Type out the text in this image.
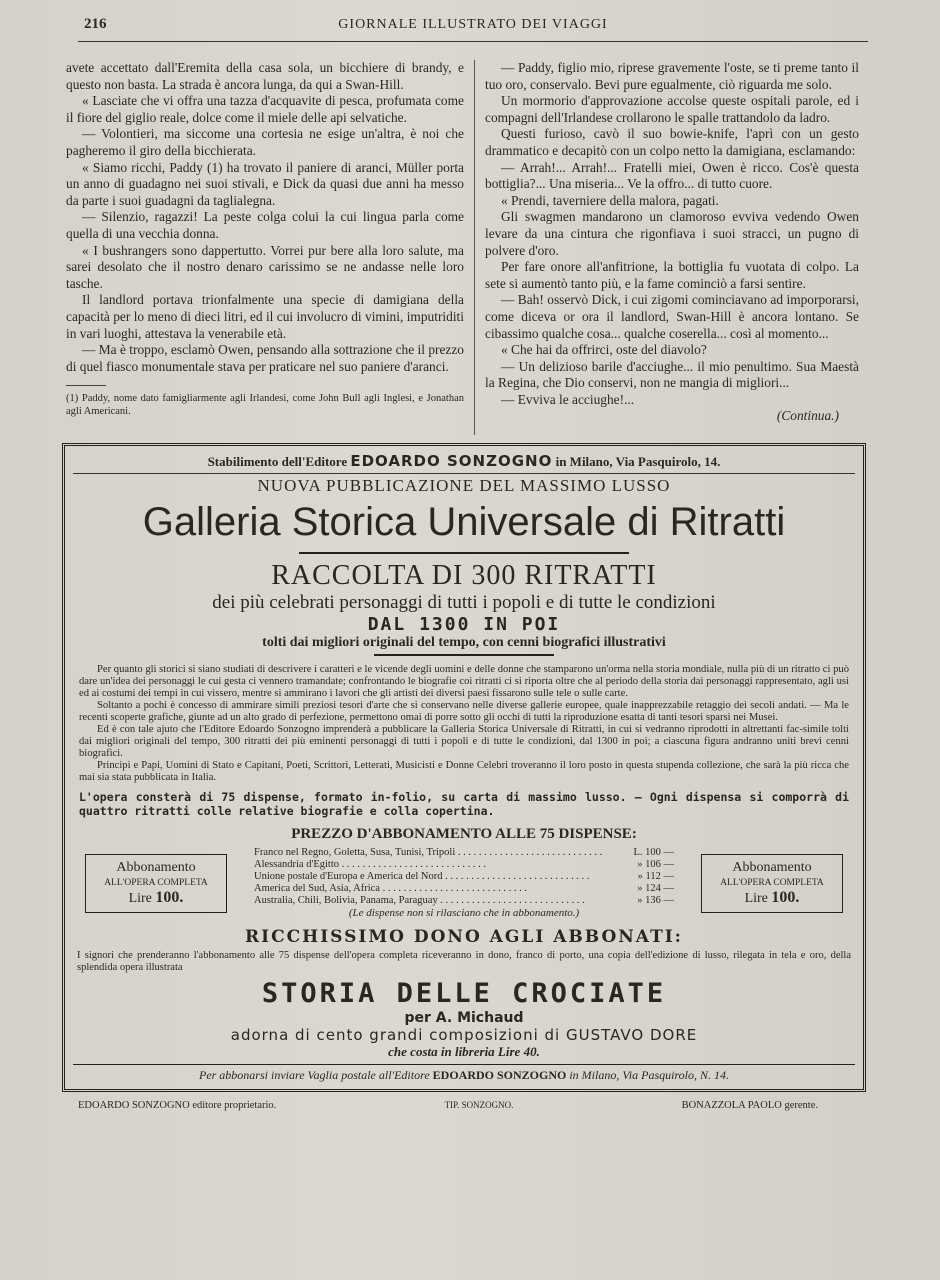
216	GIORNALE ILLUSTRATO DEI VIAGGI

avete accettato dall'Eremita della casa sola, un bicchiere di brandy, e questo non basta. La strada è ancora lunga, da qui a Swan-Hill.

« Lasciate che vi offra una tazza d'acquavite di pesca, profumata come il fiore del giglio reale, dolce come il miele delle api selvatiche.

— Volontieri, ma siccome una cortesia ne esige un'altra, è noi che pagheremo il giro della bicchierata.

« Siamo ricchi, Paddy (1) ha trovato il paniere di aranci, Müller porta un anno di guadagno nei suoi stivali, e Dick da quasi due anni ha messo da parte i suoi guadagni da taglialegna.

— Silenzio, ragazzi! La peste colga colui la cui lingua parla come quella di una vecchia donna.

« I bushrangers sono dappertutto. Vorrei pur bere alla loro salute, ma sarei desolato che il nostro denaro carissimo se ne andasse nelle loro tasche.

Il landlord portava trionfalmente una specie di damigiana della capacità per lo meno di dieci litri, ed il cui involucro di vimini, imputriditi in vari luoghi, attestava la venerabile età.

— Ma è troppo, esclamò Owen, pensando alla sottrazione che il prezzo di quel fiasco monumentale stava per praticare nel suo paniere d'aranci.

(1) Paddy, nome dato famigliarmente agli Irlandesi, come John Bull agli Inglesi, e Jonathan agli Americani.

— Paddy, figlio mio, riprese gravemente l'oste, se ti preme tanto il tuo oro, conservalo. Bevi pure egualmente, ciò riguarda me solo.

Un mormorio d'approvazione accolse queste ospitali parole, ed i compagni dell'Irlandese crollarono le spalle trattandolo da ladro.

Questi furioso, cavò il suo bowie-knife, l'aprì con un gesto drammatico e decapitò con un colpo netto la damigiana, esclamando:

— Arrah!... Arrah!... Fratelli miei, Owen è ricco. Cos'è questa bottiglia?... Una miseria... Ve la offro... di tutto cuore.

« Prendi, taverniere della malora, pagati.

Gli swagmen mandarono un clamoroso evviva vedendo Owen levare da una cintura che rigonfiava i suoi stracci, un pugno di polvere d'oro.

Per fare onore all'anfitrione, la bottiglia fu vuotata di colpo. La sete si aumentò tanto più, e la fame cominciò a farsi sentire.

— Bah! osservò Dick, i cui zigomi cominciavano ad imporporarsi, come diceva or ora il landlord, Swan-Hill è ancora lontano. Se cibassimo qualche cosa... qualche coserella... così al momento...

« Che hai da offrirci, oste del diavolo?

— Un delizioso barile d'acciughe... il mio penultimo. Sua Maestà la Regina, che Dio conservi, non ne mangia di migliori...

— Evviva le acciughe!...

(Continua.)
Stabilimento dell'Editore EDOARDO SONZOGNO in Milano, Via Pasquirolo, 14.
NUOVA PUBBLICAZIONE DEL MASSIMO LUSSO
Galleria Storica Universale di Ritratti
RACCOLTA DI 300 RITRATTI
dei più celebrati personaggi di tutti i popoli e di tutte le condizioni
DAL 1300 IN POI
tolti dai migliori originali del tempo, con cenni biografici illustrativi

Per quanto gli storici si siano studiati di descrivere i caratteri e le vicende degli uomini e delle donne che stamparono un'orma nella storia mondiale, nulla più di un ritratto ci può dare un'idea dei personaggi le cui gesta ci vennero tramandate; confrontando le biografie coi ritratti ci si riporta oltre che al periodo della storia dai personaggi rappresentato, agli usi ed ai costumi dei tempi in cui vissero, mentre si ammirano i lavori che gli artisti dei diversi paesi fissarono sulle tele o sulle carte.

Soltanto a pochi è concesso di ammirare simili preziosi tesori d'arte che si conservano nelle diverse gallerie europee, quale inapprezzabile retaggio dei secoli andati. — Ma le recenti scoperte grafiche, giunte ad un alto grado di perfezione, permettono omai di porre sotto gli occhi di tutti la riproduzione esatta di tanti tesori sparsi nei Musei.

Ed è con tale ajuto che l'Editore Edoardo Sonzogno imprenderà a pubblicare la Galleria Storica Universale di Ritratti, in cui si vedranno riprodotti in altrettanti fac-simile tolti dai migliori originali del tempo, 300 ritratti dei più eminenti personaggi di tutti i popoli e di tutte le condizioni, dal 1300 in poi; a ciascuna figura andranno uniti brevi cenni biografici.

Principi e Papi, Uomini di Stato e Capitani, Poeti, Scrittori, Letterati, Musicisti e Donne Celebri troveranno il loro posto in questa stupenda collezione, che sarà la più ricca che mai sia stata pubblicata in Italia.

L'opera consterà di 75 dispense, formato in-folio, su carta di massimo lusso. — Ogni dispensa si comporrà di quattro ritratti colle relative biografie e colla copertina.
PREZZO D'ABBONAMENTO ALLE 75 DISPENSE:
Abbonamento
ALL'OPERA COMPLETA
Lire 100.
Franco nel Regno, Goletta, Susa, Tunisi, Tripoli . . .	L. 100 —
Alessandria d'Egitto . . .	» 106 —
Unione postale d'Europa e America del Nord . . .	» 112 —
America del Sud, Asia, Africa . . .	» 124 —
Australia, Chili, Bolivia, Panama, Paraguay . . .	» 136 —
(Le dispense non si rilasciano che in abbonamento.)
Abbonamento
ALL'OPERA COMPLETA
Lire 100.
RICCHISSIMO DONO AGLI ABBONATI:
I signori che prenderanno l'abbonamento alle 75 dispense dell'opera completa riceveranno in dono, franco di porto, una copia dell'edizione di lusso, rilegata in tela e oro, della splendida opera illustrata
STORIA DELLE CROCIATE
per A. Michaud
adorna di cento grandi composizioni di GUSTAVO DORE
che costa in libreria Lire 40.
Per abbonarsi inviare Vaglia postale all'Editore EDOARDO SONZOGNO in Milano, Via Pasquirolo, N. 14.
EDOARDO SONZOGNO editore proprietario.	TIP. SONZOGNO.	BONAZZOLA PAOLO gerente.
